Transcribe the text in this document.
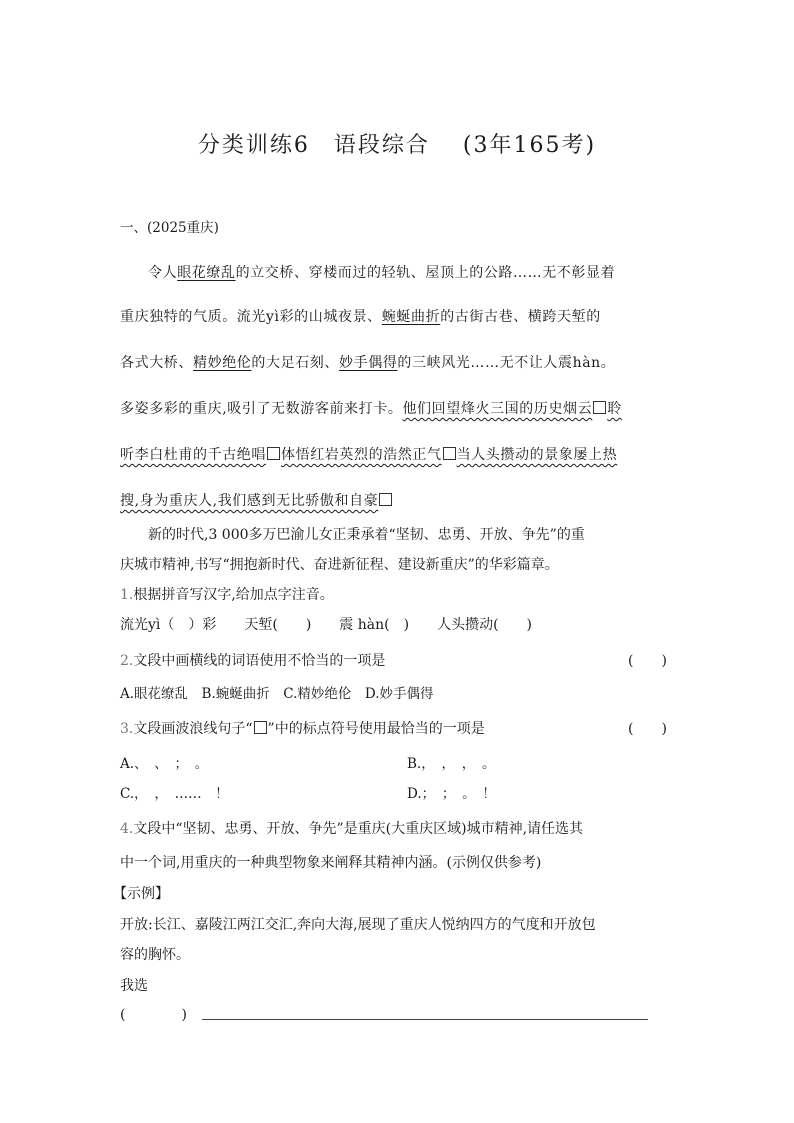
分类训练6　语段综合　 (3年165考)
一、(2025重庆)
令人眼花缭乱的立交桥、穿楼而过的轻轨、屋顶上的公路……无不彰显着
重庆独特的气质。流光yì彩的山城夜景、蜿蜒曲折的古街古巷、横跨天堑的
各式大桥、精妙绝伦的大足石刻、妙手偶得的三峡风光……无不让人震hàn。
多姿多彩的重庆,吸引了无数游客前来打卡。他们回望烽火三国的历史烟云 聆
听李白杜甫的千古绝唱 体悟红岩英烈的浩然正气 当人头攒动的景象屡上热
搜,身为重庆人,我们感到无比骄傲和自豪
新的时代,3 000多万巴渝儿女正秉承着“坚韧、忠勇、开放、争先”的重
庆城市精神,书写“拥抱新时代、奋进新征程、建设新重庆”的华彩篇章。
1.根据拼音写汉字,给加点字注音。
流光yì（　）彩　　天堑(　　)　　震 hàn(　)　　人头攒动(　　)
2.文段中画横线的词语使用不恰当的一项是	(　　)
A.眼花缭乱　B.蜿蜒曲折　C.精妙绝伦　D.妙手偶得
3.文段画波浪线句子“ ”中的标点符号使用最恰当的一项是	(　　)
A.、　、　；　。	B.，　，　，　。
C.，　，　……　！	D.；　；　。　！
4.文段中“坚韧、忠勇、开放、争先”是重庆(大重庆区域)城市精神,请任选其
中一个词,用重庆的一种典型物象来阐释其精神内涵。(示例仅供参考)
【示例】
开放:长江、嘉陵江两江交汇,奔向大海,展现了重庆人悦纳四方的气度和开放包
容的胸怀。
我选
(　　　　)
